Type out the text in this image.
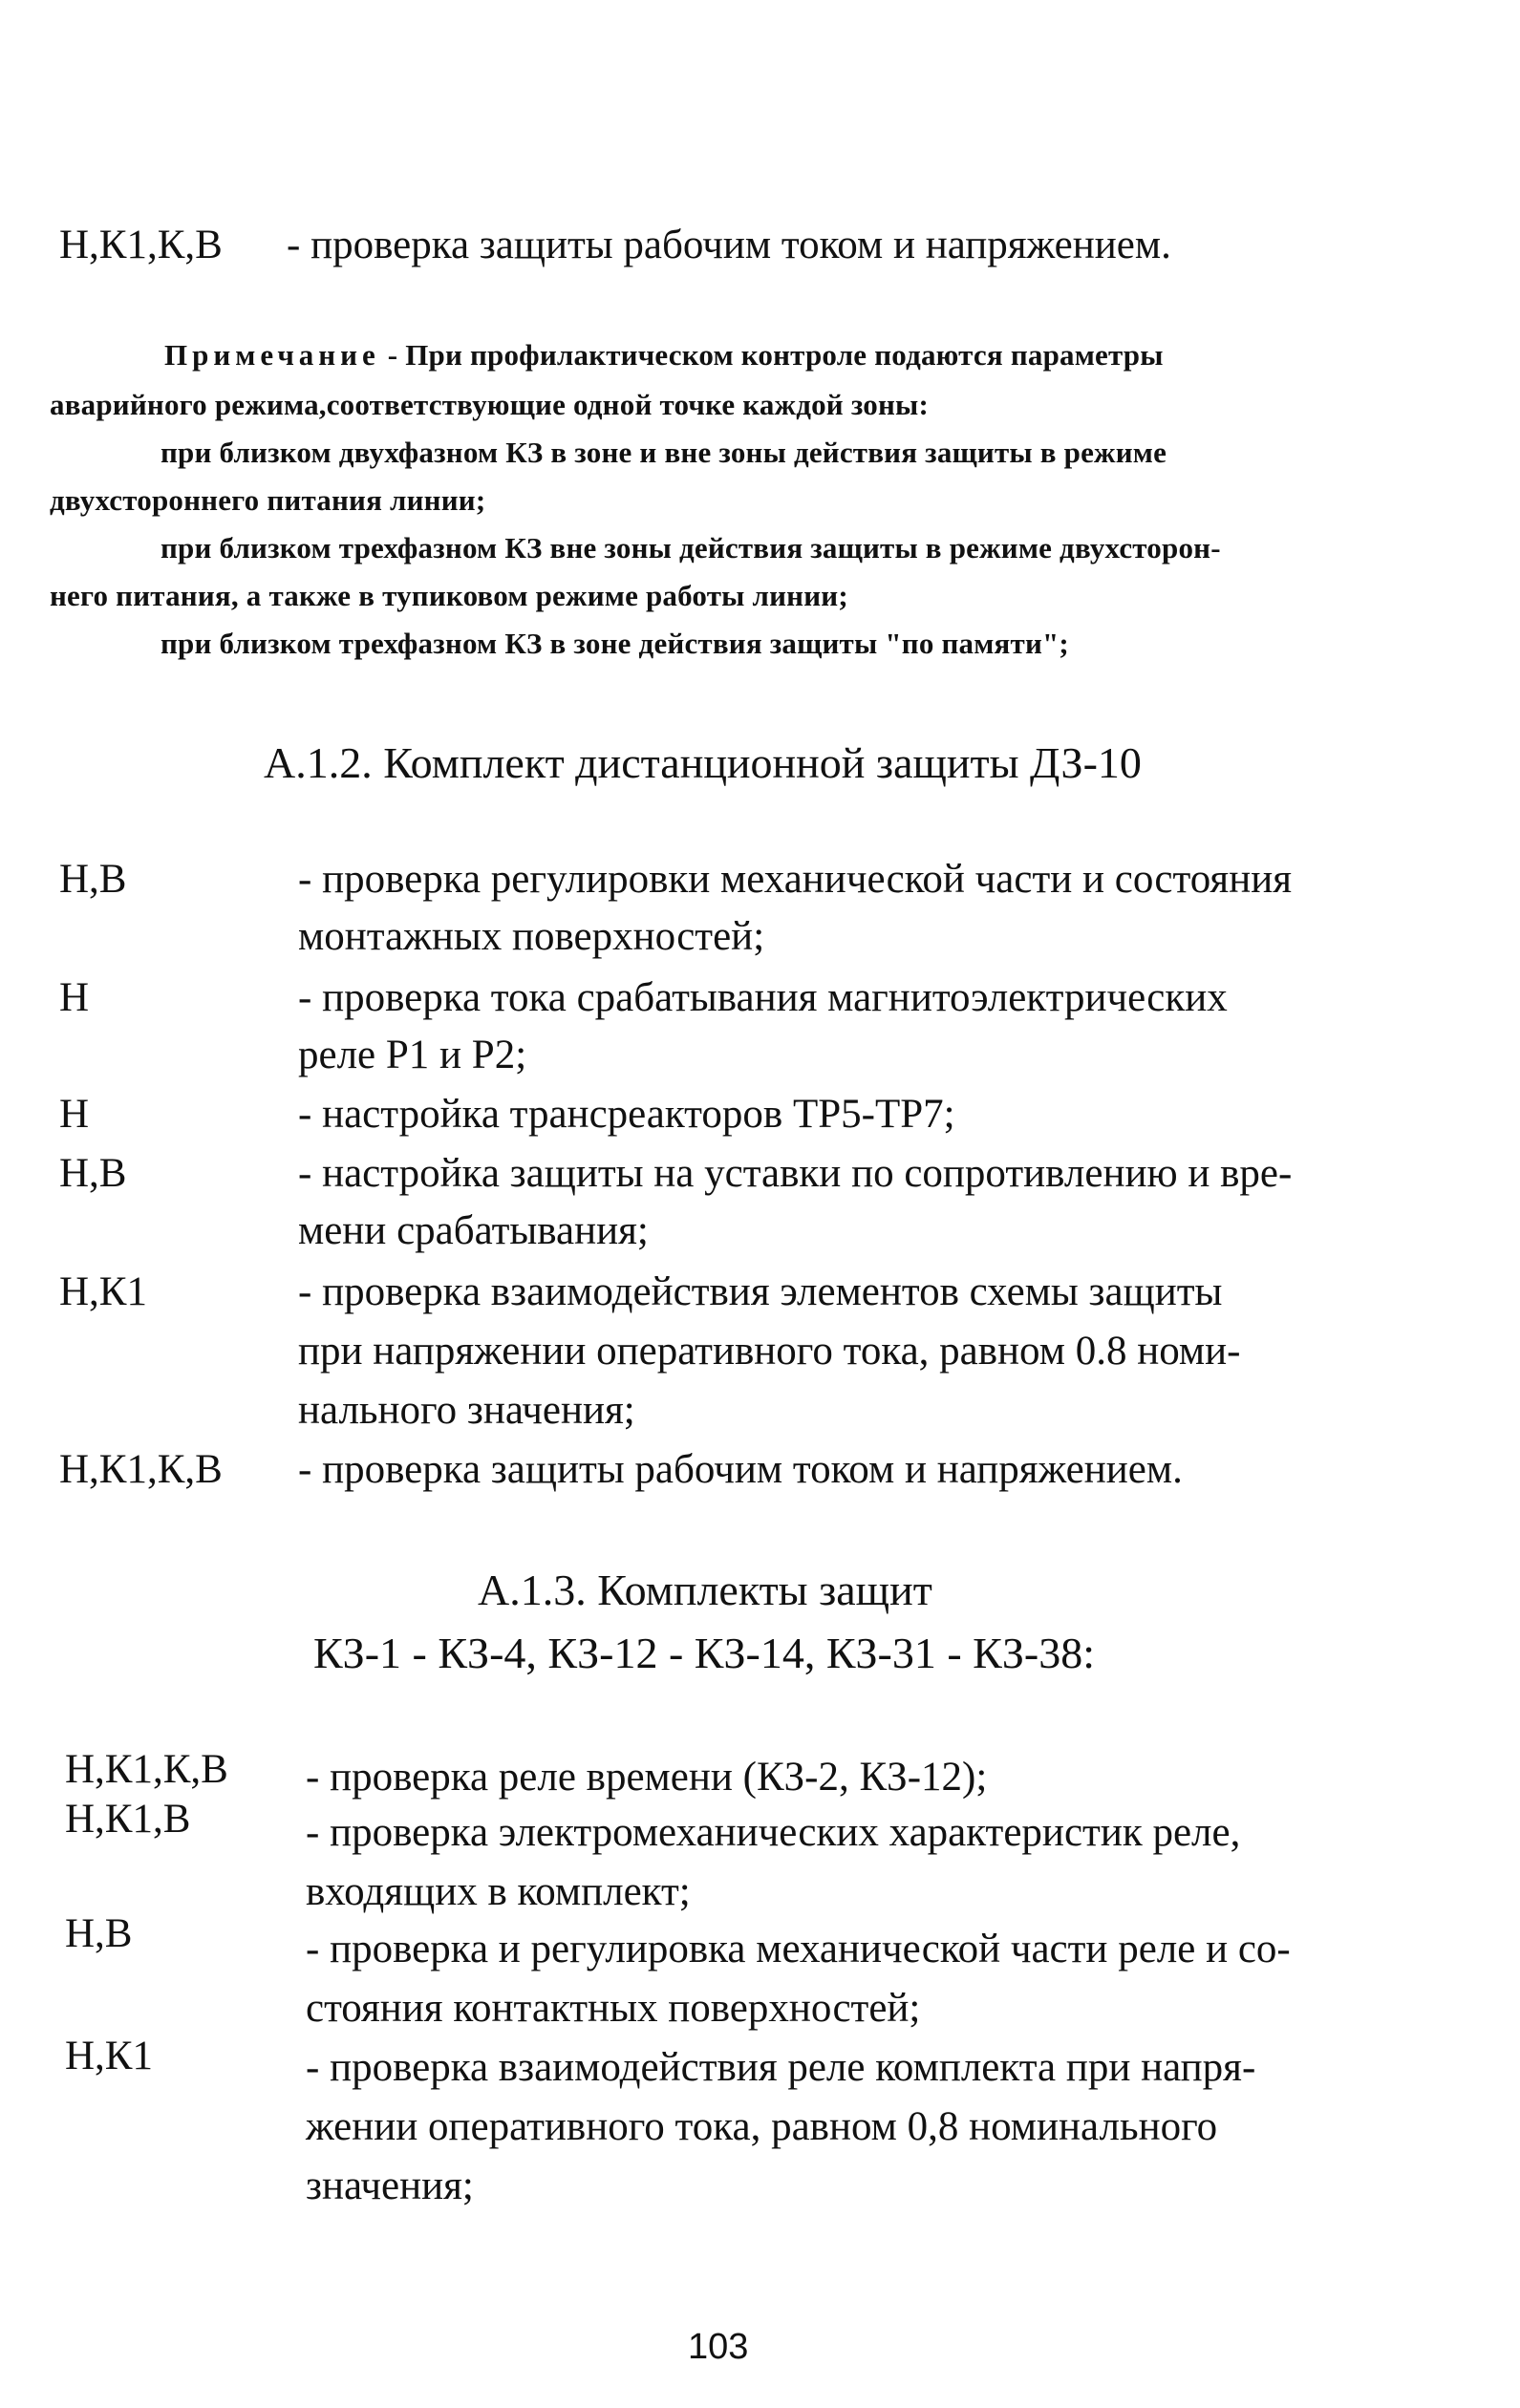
Н,К1,К,В - проверка защиты рабочим током и напряжением.
Примечание - При профилактическом контроле подаются параметры
аварийного режима,соответствующие одной точке каждой зоны:
при близком двухфазном КЗ в зоне и вне зоны действия защиты в режиме
двухстороннего питания линии;
при близком трехфазном КЗ вне зоны действия защиты в режиме двухсторон-
него питания, а также в тупиковом режиме работы линии;
при близком трехфазном КЗ в зоне действия защиты "по памяти";
А.1.2. Комплект дистанционной защиты ДЗ-10
Н,В	- проверка регулировки механической части и состояния
монтажных поверхностей;
Н	- проверка тока срабатывания магнитоэлектрических
реле Р1 и Р2;
Н	- настройка трансреакторов ТР5-ТР7;
Н,В	- настройка защиты на уставки по сопротивлению и вре-
мени срабатывания;
Н,К1	- проверка взаимодействия элементов схемы защиты
при напряжении оперативного тока, равном 0.8 номи-
нального значения;
Н,К1,К,В - проверка защиты рабочим током и напряжением.
А.1.3. Комплекты защит
КЗ-1 - КЗ-4, КЗ-12 - КЗ-14, КЗ-31 - КЗ-38:
Н,К1,К,В - проверка реле времени (КЗ-2, КЗ-12);
Н,К1,В	- проверка электромеханических характеристик реле,
входящих в комплект;
Н,В	- проверка и регулировка механической части реле и со-
стояния контактных поверхностей;
Н,К1	- проверка взаимодействия реле комплекта при напря-
жении оперативного тока, равном 0,8 номинального
значения;
103
